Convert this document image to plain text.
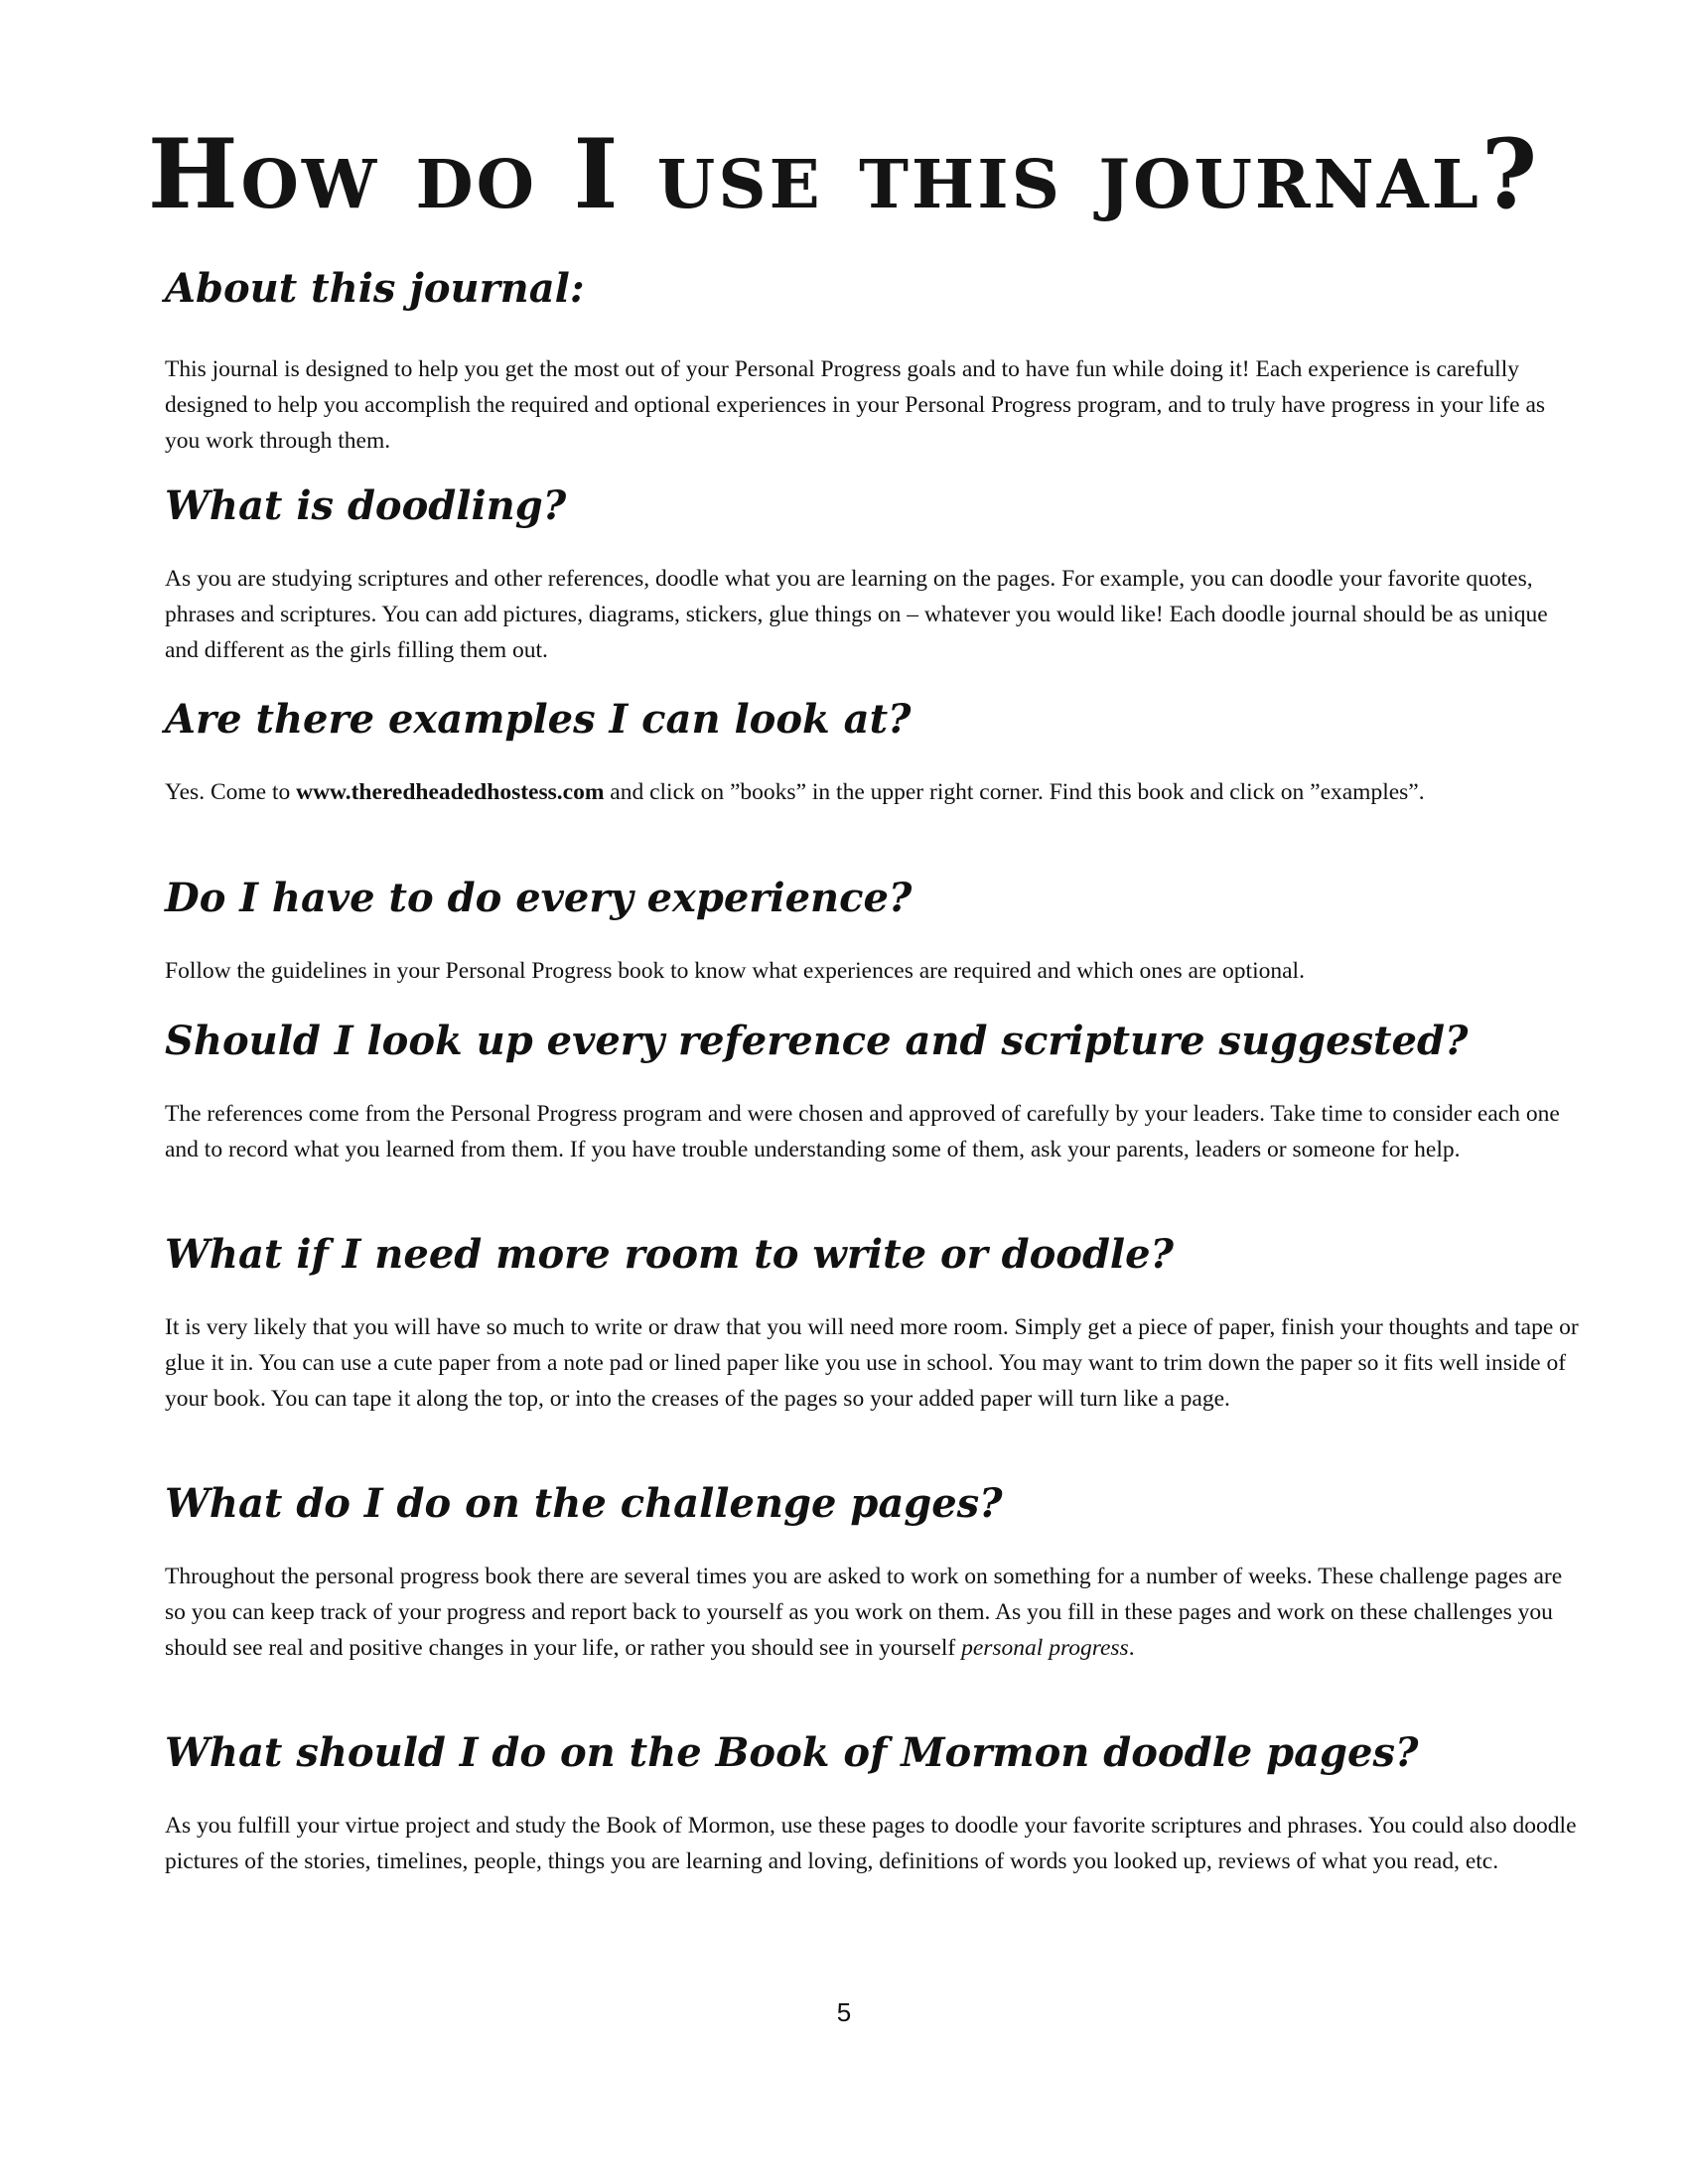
How do I use this journal?
About this journal:

This journal is designed to help you get the most out of your Personal Progress goals and to have fun while doing it! Each experience is carefully designed to help you accomplish the required and optional experiences in your Personal Progress program, and to truly have progress in your life as you work through them.

What is doodling?

As you are studying scriptures and other references, doodle what you are learning on the pages. For example, you can doodle your favorite quotes, phrases and scriptures. You can add pictures, diagrams, stickers, glue things on – whatever you would like! Each doodle journal should be as unique and different as the girls filling them out.

Are there examples I can look at?

Yes. Come to www.theredheadedhostess.com and click on ”books” in the upper right corner. Find this book and click on ”examples”.

Do I have to do every experience?

Follow the guidelines in your Personal Progress book to know what experiences are required and which ones are optional.

Should I look up every reference and scripture suggested?

The references come from the Personal Progress program and were chosen and approved of carefully by your leaders. Take time to consider each one and to record what you learned from them. If you have trouble understanding some of them, ask your parents, leaders or someone for help.

What if I need more room to write or doodle?

It is very likely that you will have so much to write or draw that you will need more room. Simply get a piece of paper, finish your thoughts and tape or glue it in. You can use a cute paper from a note pad or lined paper like you use in school. You may want to trim down the paper so it fits well inside of your book. You can tape it along the top, or into the creases of the pages so your added paper will turn like a page.

What do I do on the challenge pages?

Throughout the personal progress book there are several times you are asked to work on something for a number of weeks. These challenge pages are so you can keep track of your progress and report back to yourself as you work on them. As you fill in these pages and work on these challenges you should see real and positive changes in your life, or rather you should see in yourself personal progress.

What should I do on the Book of Mormon doodle pages?

As you fulfill your virtue project and study the Book of Mormon, use these pages to doodle your favorite scriptures and phrases. You could also doodle pictures of the stories, timelines, people, things you are learning and loving, definitions of words you looked up, reviews of what you read, etc.

5
